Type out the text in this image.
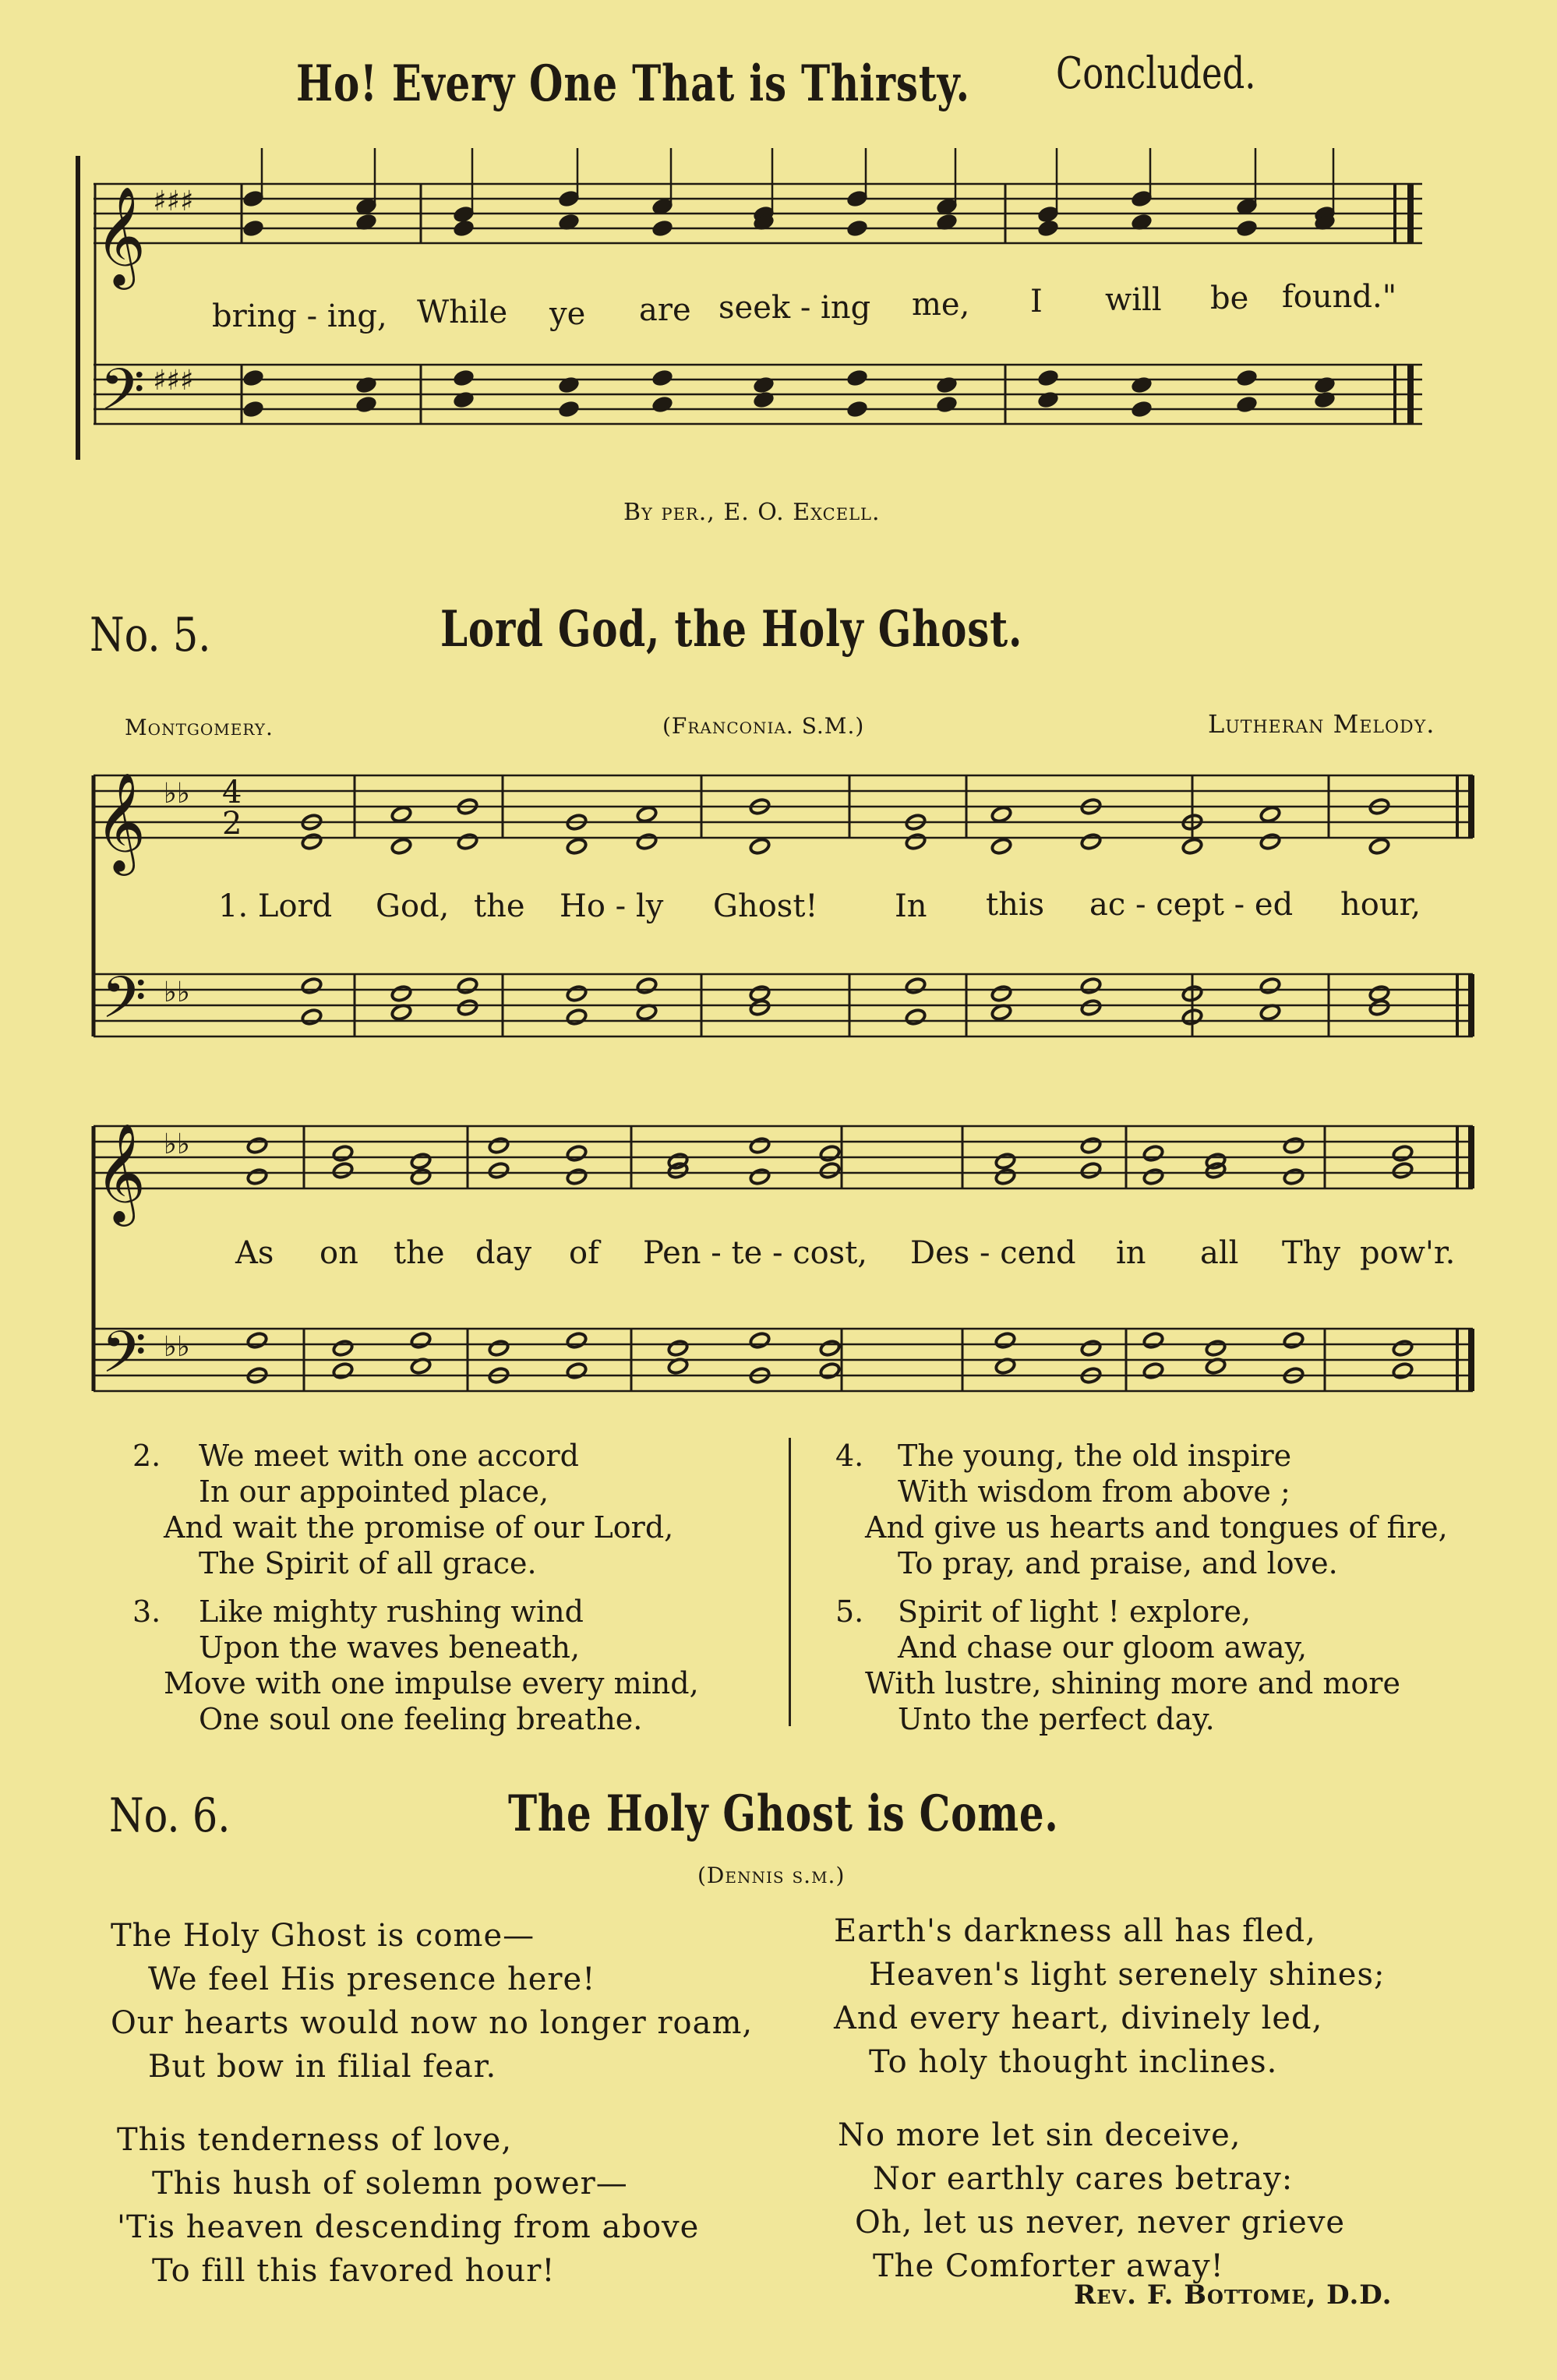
Ho! Every One That is Thirsty. Concluded.
𝄞
𝄢
♯♯♯
♯♯♯
𝄞
𝄢
♭♭
♭♭
4
2
𝄞
𝄢
♭♭
♭♭
bring - ing, While ye are seek - ing me, I will be found."
By per., E. O. Excell.
No. 5.	Lord God, the Holy Ghost.
Montgomery.	(Franconia. S.M.)	Lutheran Melody.
1. Lord God, the Ho - ly Ghost! In this ac - cept - ed hour,
As on the day of Pen - te - cost, Des - cend in all Thy pow'r.
2. We meet with one accord
In our appointed place,
And wait the promise of our Lord,
The Spirit of all grace.
3. Like mighty rushing wind
Upon the waves beneath,
Move with one impulse every mind,
One soul one feeling breathe.
4. The young, the old inspire
With wisdom from above ;
And give us hearts and tongues of fire,
To pray, and praise, and love.
5. Spirit of light ! explore,
And chase our gloom away,
With lustre, shining more and more
Unto the perfect day.
No. 6.	The Holy Ghost is Come.
(Dennis s.m.)
The Holy Ghost is come—
We feel His presence here!
Our hearts would now no longer roam,
But bow in filial fear.
This tenderness of love,
This hush of solemn power—
'Tis heaven descending from above
To fill this favored hour!
Earth's darkness all has fled,
Heaven's light serenely shines;
And every heart, divinely led,
To holy thought inclines.
No more let sin deceive,
Nor earthly cares betray:
Oh, let us never, never grieve
The Comforter away!
Rev. F. Bottome, D.D.
